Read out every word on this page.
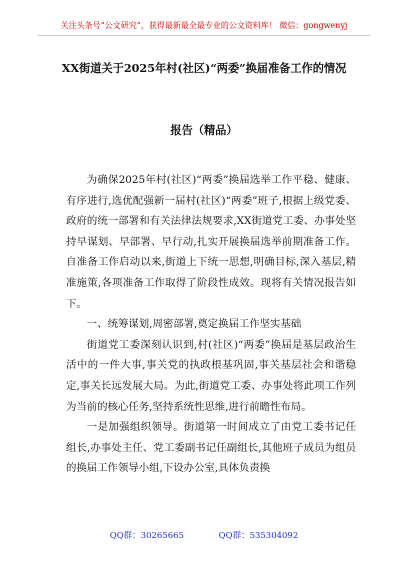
关注头条号“公文研究”，获得最新最全最专业的公文资料库！ 微信：gongwenyj
XX街道关于2025年村(社区)“两委”换届准备工作的情况
报告（精品）

为确保2025年村(社区)“两委”换届选举工作平稳、健康、有序进行,选优配强新一届村(社区)“两委”班子,根据上级党委、政府的统一部署和有关法律法规要求,XX街道党工委、办事处坚持早谋划、早部署、早行动,扎实开展换届选举前期准备工作。自准备工作启动以来,街道上下统一思想,明确目标,深入基层,精准施策,各项准备工作取得了阶段性成效。现将有关情况报告如下。

一、统筹谋划,周密部署,奠定换届工作坚实基础

街道党工委深刻认识到,村(社区)“两委”换届是基层政治生活中的一件大事,事关党的执政根基巩固,事关基层社会和谐稳定,事关长远发展大局。为此,街道党工委、办事处将此项工作列为当前的核心任务,坚持系统性思维,进行前瞻性布局。

一是加强组织领导。街道第一时间成立了由党工委书记任组长,办事处主任、党工委副书记任副组长,其他班子成员为组员的换届工作领导小组,下设办公室,具体负责换

QQ群：30265665	QQ群：535304092
